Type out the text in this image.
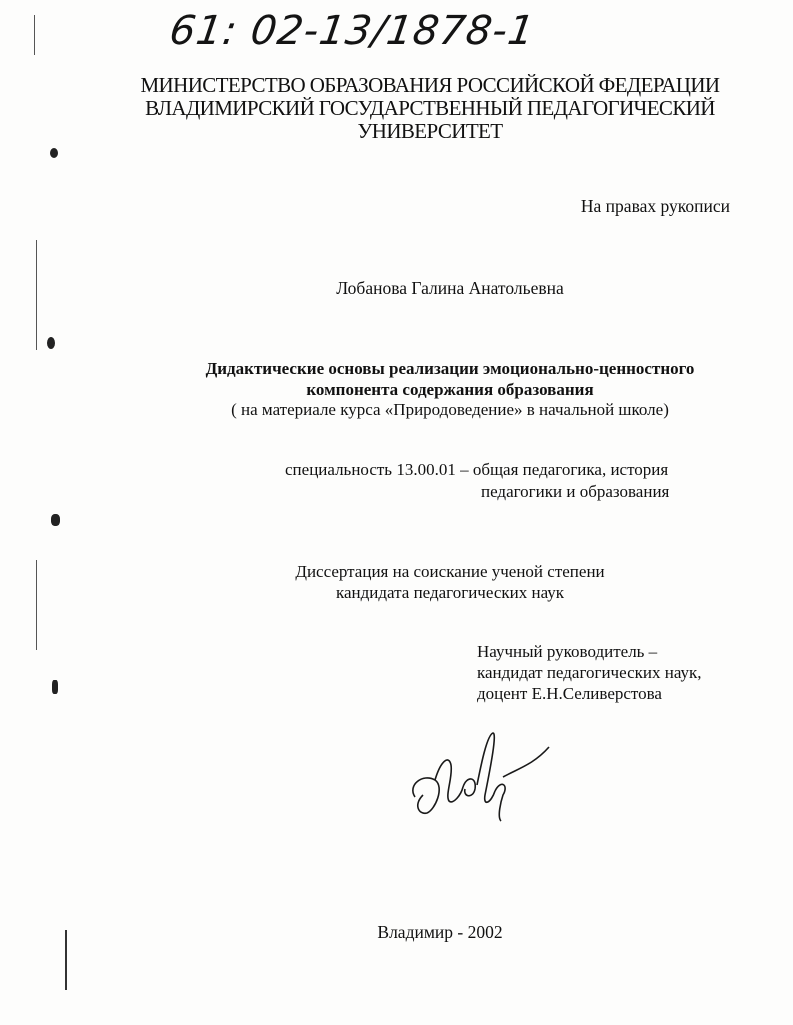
61: 02-13/1878-1
МИНИСТЕРСТВО ОБРАЗОВАНИЯ РОССИЙСКОЙ ФЕДЕРАЦИИ
ВЛАДИМИРСКИЙ ГОСУДАРСТВЕННЫЙ ПЕДАГОГИЧЕСКИЙ
УНИВЕРСИТЕТ
На правах рукописи
Лобанова Галина Анатольевна
Дидактические основы реализации эмоционально-ценностного
компонента содержания образования
( на материале курса «Природоведение» в начальной школе)
специальность 13.00.01 – общая педагогика, история
педагогики и образования
Диссертация на соискание ученой степени
кандидата педагогических наук
Научный руководитель –
кандидат педагогических наук,
доцент Е.Н.Селиверстова
Владимир - 2002
